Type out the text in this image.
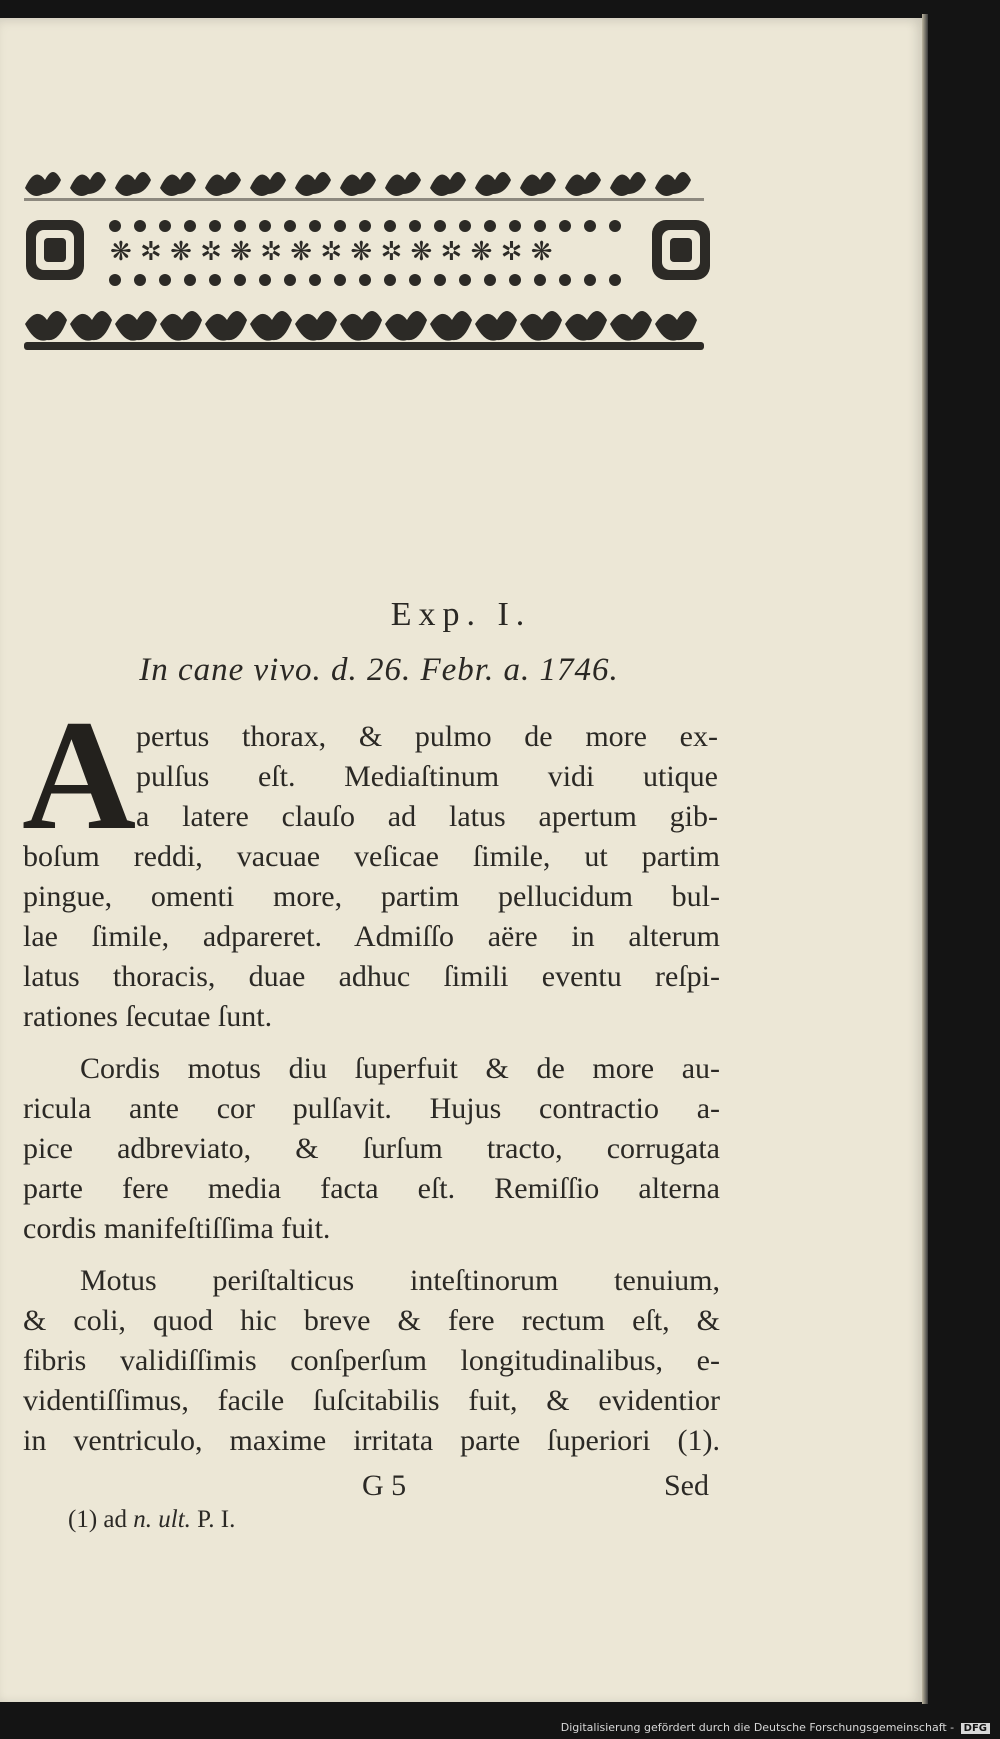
❋ ✲ ❋ ✲ ❋ ✲ ❋ ✲ ❋ ✲ ❋ ✲ ❋ ✲ ❋
Exp. I.
In cane vivo. d. 26. Febr. a. 1746.
A pertus thorax, & pulmo de more ex-
pulſus eſt. Mediaſtinum vidi utique
a latere clauſo ad latus apertum gib-
boſum reddi, vacuae veſicae ſimile, ut partim
pingue, omenti more, partim pellucidum bul-
lae ſimile, adpareret. Admiſſo aëre in alterum
latus thoracis, duae adhuc ſimili eventu reſpi-
rationes ſecutae ſunt.
Cordis motus diu ſuperfuit & de more au-
ricula ante cor pulſavit. Hujus contractio a-
pice adbreviato, & ſurſum tracto, corrugata
parte fere media facta eſt. Remiſſio alterna
cordis manifeſtiſſima fuit.
Motus periſtalticus inteſtinorum tenuium,
& coli, quod hic breve & fere rectum eſt, &
fibris validiſſimis conſperſum longitudinalibus, e-
videntiſſimus, facile ſuſcitabilis fuit, & evidentior
in ventriculo, maxime irritata parte ſuperiori (1).
G 5	Sed
(1) ad n. ult. P. I.
Digitalisierung gefördert durch die Deutsche Forschungsgemeinschaft - DFG
